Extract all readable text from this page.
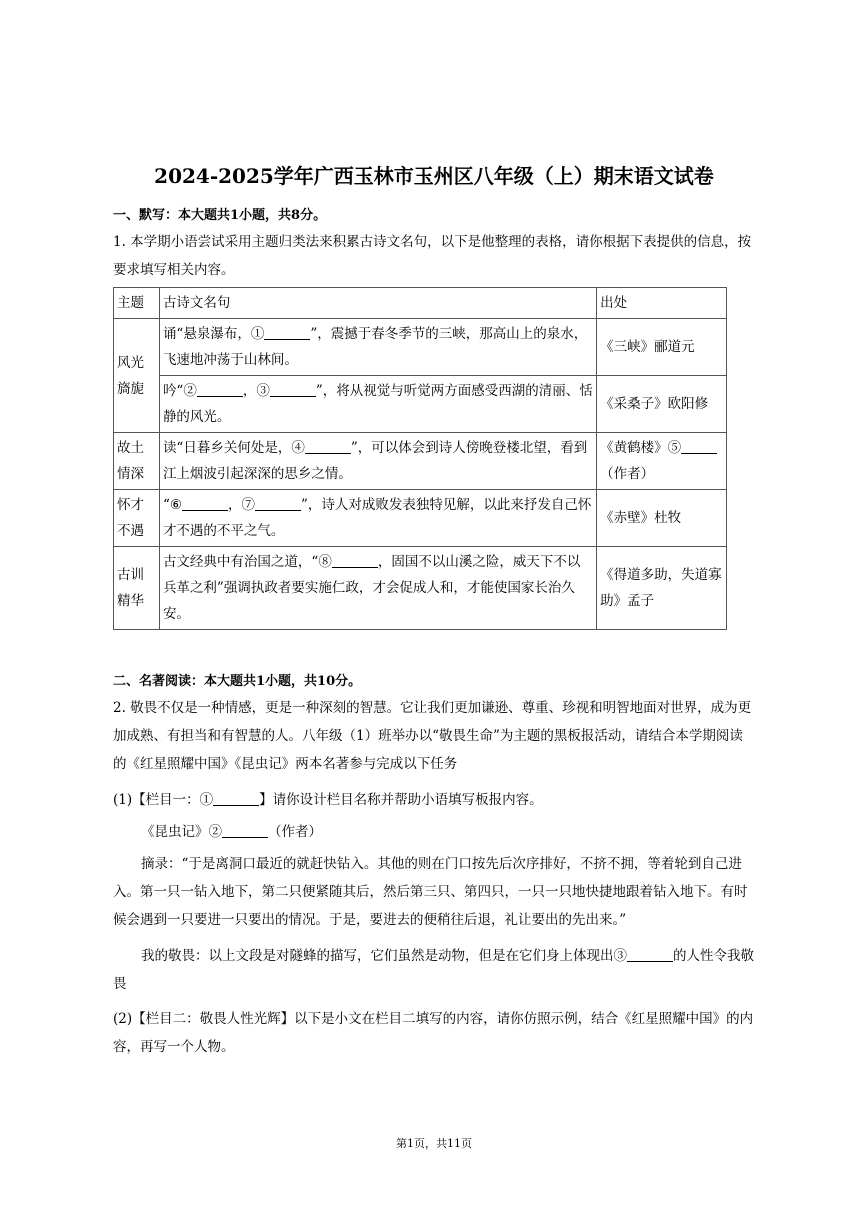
2024-2025学年广西玉林市玉州区八年级（上）期末语文试卷
一、默写：本大题共1小题，共8分。
1. 本学期小语尝试采用主题归类法来积累古诗文名句，以下是他整理的表格，请你根据下表提供的信息，按要求填写相关内容。
主题	古诗文名句	出处
风光旖旎	诵“悬泉瀑布，① ”，震撼于春冬季节的三峡，那高山上的泉水，飞速地冲荡于山林间。	《三峡》郦道元
	吟“② ，③ ”，将从视觉与听觉两方面感受西湖的清丽、恬静的风光。	《采桑子》欧阳修
故土情深	读“日暮乡关何处是，④ ”，可以体会到诗人傍晚登楼北望，看到江上烟波引起深深的思乡之情。	《黄鹤楼》⑤（作者）
怀才不遇	“⑥ ，⑦ ”，诗人对成败发表独特见解，以此来抒发自己怀才不遇的不平之气。	《赤壁》杜牧
古训精华	古文经典中有治国之道，“⑧ ，固国不以山溪之险，威天下不以兵革之利”强调执政者要实施仁政，才会促成人和，才能使国家长治久安。	《得道多助，失道寡助》孟子
二、名著阅读：本大题共1小题，共10分。
2. 敬畏不仅是一种情感，更是一种深刻的智慧。它让我们更加谦逊、尊重、珍视和明智地面对世界，成为更加成熟、有担当和有智慧的人。八年级（1）班举办以“敬畏生命”为主题的黑板报活动，请结合本学期阅读的《红星照耀中国》《昆虫记》两本名著参与完成以下任务
(1)【栏目一：①	】请你设计栏目名称并帮助小语填写板报内容。
《昆虫记》②	（作者）
摘录：“于是离洞口最近的就赶快钻入。其他的则在门口按先后次序排好，不挤不拥，等着轮到自己进入。第一只一钻入地下，第二只便紧随其后，然后第三只、第四只，一只一只地快捷地跟着钻入地下。有时候会遇到一只要进一只要出的情况。于是，要进去的便稍往后退，礼让要出的先出来。”
我的敬畏：以上文段是对隧蜂的描写，它们虽然是动物，但是在它们身上体现出③	的人性令我敬畏
(2)【栏目二：敬畏人性光辉】以下是小文在栏目二填写的内容，请你仿照示例，结合《红星照耀中国》的内容，再写一个人物。
第1页，共11页
